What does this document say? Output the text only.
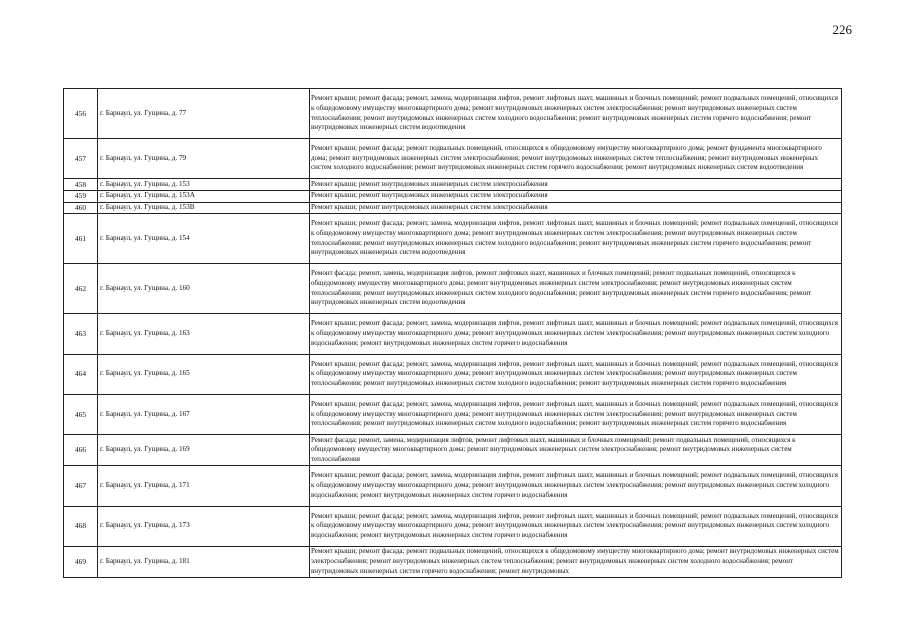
226
456	г. Барнаул, ул. Гущина, д. 77	Ремонт крыши; ремонт фасада; ремонт, замена, модернизация лифтов, ремонт лифтовых шахт, машинных и блочных помещений; ремонт подвальных помещений, относящихся к общедомовому имуществу многоквартирного дома; ремонт внутридомовых инженерных систем электроснабжения; ремонт внутридомовых инженерных систем теплоснабжения; ремонт внутридомовых инженерных систем холодного водоснабжения; ремонт внутридомовых инженерных систем горячего водоснабжения; ремонт внутридомовых инженерных систем водоотведения
457	г. Барнаул, ул. Гущина, д. 79	Ремонт крыши; ремонт фасада; ремонт подвальных помещений, относящихся к общедомовому имуществу многоквартирного дома; ремонт фундамента многоквартирного дома; ремонт внутридомовых инженерных систем электроснабжения; ремонт внутридомовых инженерных систем теплоснабжения; ремонт внутридомовых инженерных систем холодного водоснабжения; ремонт внутридомовых инженерных систем горячего водоснабжения; ремонт внутридомовых инженерных систем водоотведения
458	г. Барнаул, ул. Гущина, д. 153	Ремонт крыши; ремонт внутридомовых инженерных систем электроснабжения
459	г. Барнаул, ул. Гущина, д. 153А	Ремонт крыши; ремонт внутридомовых инженерных систем электроснабжения
460	г. Барнаул, ул. Гущина, д. 153В	Ремонт крыши; ремонт внутридомовых инженерных систем электроснабжения
461	г. Барнаул, ул. Гущина, д. 154	Ремонт крыши; ремонт фасада; ремонт, замена, модернизация лифтов, ремонт лифтовых шахт, машинных и блочных помещений; ремонт подвальных помещений, относящихся к общедомовому имуществу многоквартирного дома; ремонт внутридомовых инженерных систем электроснабжения; ремонт внутридомовых инженерных систем теплоснабжения; ремонт внутридомовых инженерных систем холодного водоснабжения; ремонт внутридомовых инженерных систем горячего водоснабжения; ремонт внутридомовых инженерных систем водоотведения
462	г. Барнаул, ул. Гущина, д. 160	Ремонт фасада; ремонт, замена, модернизация лифтов, ремонт лифтовых шахт, машинных и блочных помещений; ремонт подвальных помещений, относящихся к общедомовому имуществу многоквартирного дома; ремонт внутридомовых инженерных систем электроснабжения; ремонт внутридомовых инженерных систем теплоснабжения; ремонт внутридомовых инженерных систем холодного водоснабжения; ремонт внутридомовых инженерных систем горячего водоснабжения; ремонт внутридомовых инженерных систем водоотведения
463	г. Барнаул, ул. Гущина, д. 163	Ремонт крыши; ремонт фасада; ремонт, замена, модернизация лифтов, ремонт лифтовых шахт, машинных и блочных помещений; ремонт подвальных помещений, относящихся к общедомовому имуществу многоквартирного дома; ремонт внутридомовых инженерных систем электроснабжения; ремонт внутридомовых инженерных систем холодного водоснабжения; ремонт внутридомовых инженерных систем горячего водоснабжения
464	г. Барнаул, ул. Гущина, д. 165	Ремонт крыши; ремонт фасада; ремонт, замена, модернизация лифтов, ремонт лифтовых шахт, машинных и блочных помещений; ремонт подвальных помещений, относящихся к общедомовому имуществу многоквартирного дома; ремонт внутридомовых инженерных систем электроснабжения; ремонт внутридомовых инженерных систем теплоснабжения; ремонт внутридомовых инженерных систем холодного водоснабжения; ремонт внутридомовых инженерных систем горячего водоснабжения
465	г. Барнаул, ул. Гущина, д. 167	Ремонт крыши; ремонт фасада; ремонт, замена, модернизация лифтов, ремонт лифтовых шахт, машинных и блочных помещений; ремонт подвальных помещений, относящихся к общедомовому имуществу многоквартирного дома; ремонт внутридомовых инженерных систем электроснабжения; ремонт внутридомовых инженерных систем теплоснабжения; ремонт внутридомовых инженерных систем холодного водоснабжения; ремонт внутридомовых инженерных систем горячего водоснабжения
466	г. Барнаул, ул. Гущина, д. 169	Ремонт фасада; ремонт, замена, модернизация лифтов, ремонт лифтовых шахт, машинных и блочных помещений; ремонт подвальных помещений, относящихся к общедомовому имуществу многоквартирного дома; ремонт внутридомовых инженерных систем электроснабжения; ремонт внутридомовых инженерных систем теплоснабжения
467	г. Барнаул, ул. Гущина, д. 171	Ремонт крыши; ремонт фасада; ремонт, замена, модернизация лифтов, ремонт лифтовых шахт, машинных и блочных помещений; ремонт подвальных помещений, относящихся к общедомовому имуществу многоквартирного дома; ремонт внутридомовых инженерных систем электроснабжения; ремонт внутридомовых инженерных систем холодного водоснабжения; ремонт внутридомовых инженерных систем горячего водоснабжения
468	г. Барнаул, ул. Гущина, д. 173	Ремонт крыши; ремонт фасада; ремонт, замена, модернизация лифтов, ремонт лифтовых шахт, машинных и блочных помещений; ремонт подвальных помещений, относящихся к общедомовому имуществу многоквартирного дома; ремонт внутридомовых инженерных систем электроснабжения; ремонт внутридомовых инженерных систем холодного водоснабжения; ремонт внутридомовых инженерных систем горячего водоснабжения
469	г. Барнаул, ул. Гущина, д. 181	Ремонт крыши; ремонт фасада; ремонт подвальных помещений, относящихся к общедомовому имуществу многоквартирного дома; ремонт внутридомовых инженерных систем электроснабжения; ремонт внутридомовых инженерных систем теплоснабжения; ремонт внутридомовых инженерных систем холодного водоснабжения; ремонт внутридомовых инженерных систем горячего водоснабжения; ремонт внутридомовых
